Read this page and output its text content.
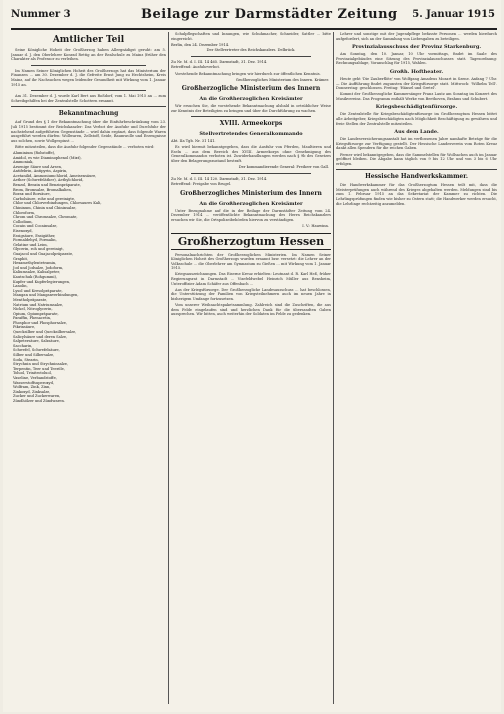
Nummer 3	Beilage zur Darmstädter Zeitung 5. Januar 1915
Amtlicher Teil
Seine Königliche Hoheit der Großherzog haben Allergnädigst geruht: am 5. Januar d. J. den Oberlehrer Konrad Rettig an der Realschule zu Mainz (früher den Charakter als Professor zu verleihen.
Im Namen Seiner Königlichen Hoheit des Großherzogs hat das Ministerium der Finanzen ... am 30. Dezember d. J. die Gefreite Ernst Jung zu Hechtsheim, Kreis Mainz, auf ihr Nachsuchen wegen leidender Gesundheit mit Wirkung vom 1. Januar 1915 an.
Am 31. Dezember d. J. wurde Karl Bert aus Roßdorf, vom 1. Mai 1915 an ... zum Schreibgehilfen bei der Zentralstelle Schottern ernannt.
Bekanntmachung
Auf Grund des § 1 der Bekanntmachung über die Einfuhrbeschränkung vom 23. Juli 1915 bestimmt der Reichskanzler: Das Verbot der Ausfuhr und Durchfuhr der nachstehend aufgeführten Gegenstände ... wird dahin ergänzt, dass folgende Waren ausgeführt werden dürfen: Wollwaren, Zellstoff, Seide, Baumwolle und Erzeugnisse aus solchen, sowie Wollgespinst ...
Bitte mitzuteilen, dass die Ausfuhr folgender Gegenstände ... verboten wird:
Aluminium (Rohstoffe),
Amidol, es wie Diaminophenol (Mixt),
Ammoniak,
Arsenige Säure und Arsen,
Antifebrin, Antipyrin, Aspirin,
Acetanilid, Ammoniumchlorid, Ameisensäure,
Aether (Schwefeläther), Aethylchlorid,
Benzol, Benzin und Benzinpräparate,
Brom, Bromsalze, Bromalkalien,
Borax und Borsäure,
Carbolsäure, rohe und gereinigte,
Chlor und Chlorverbindungen, Chlorsaures Kali,
Chininum, Chinin und Chininsalze,
Chloroform,
Chrom und Chromsalze, Chromate,
Collodium,
Cocain und Cocainsalze,
Eisenoxyd,
Essigsäure, Essigäther,
Formaldehyd, Formalin,
Gelatine und Leim,
Glycerin, roh und gereinigt,
Guajacol und Guajacolpräparate,
Graphit,
Hexamethylentetramin,
Jod und Jodsalze, Jodoform,
Kaliumsalze, Kalisalpeter,
Kautschuk (Rohgummi),
Kupfer und Kupferlegierungen,
Lanolin,
Lysol und Kresolpräparate,
Mangan und Manganverbindungen,
Mentholpräparate,
Natrium und Natriumsalze,
Nickel, Nitroglycerin,
Opium, Opiumpräparate,
Paraffin, Phenacetin,
Phosphor und Phosphorsalze,
Pikrinsäure,
Quecksilber und Quecksilbersalze,
Salicylsäure und deren Salze,
Salpetersäure, Salzsäure,
Saccharin,
Schwefel, Schwefelsäure,
Silber und Silbersalze,
Soda, Stearin,
Strychnin und Strychninsalze,
Terpentin, Teer und Teeröle,
Toluol, Trinitrotoluol,
Vaseline, Verbandstoffe,
Wasserstoffsuperoxyd,
Wolfram, Zink, Zinn,
Zinkoxyd, Zinksalze,
Zucker und Zuckerwaren,
Zündhölzer und Zündwaren.
Schulpflegschaften und Innungen, wie Schuhmacher, Schneider, Sattler ... bitte eingereicht.
Berlin, den 24. Dezember 1914.
Der Stellvertreter des Reichskanzlers. Delbrück.
Zu Nr. M. d. I. III. 14 465. Darmstadt, 31. Dez. 1914.
Betreffend: Ausfuhrverbot.
Vorstehende Bekanntmachung bringen wir hierdurch zur öffentlichen Kenntnis.
Großherzogliches Ministerium des Innern. Krämer.
Großherzogliche Ministerium des Innern
An die Großherzoglichen Kreisämter
Wir ersuchen Sie, die vorstehende Bekanntmachung alsbald in ortsüblicher Weise zur Kenntnis der Beteiligten zu bringen und über die Durchführung zu wachen.
XVIII. Armeekorps
Stellvertretendes Generalkommando
Abt. IIa Tgb. Nr. 31 141.
Es wird hiermit bekanntgegeben, dass die Ausfuhr von Pferden, Maultieren und Eseln ... aus dem Bereich des XVIII. Armeekorps ohne Genehmigung des Generalkommandos verboten ist. Zuwiderhandlungen werden nach § 9b des Gesetzes über den Belagerungszustand bestraft.
Der kommandierende General: Freiherr von Gall.
Zu Nr. M. d. I. III. 14 120. Darmstadt, 31. Dez. 1914.
Betreffend: Freigabe von Brugel.
Großherzogliches Ministerium des Innern
An die Großherzoglichen Kreisämter
Unter Bezugnahme auf die in der Beilage der Darmstädter Zeitung vom 24. Dezember 1914 ... veröffentlichte Bekanntmachung des Herrn Reichskanzlers ersuchen wir Sie, die Ortspolizeibehörden hiervon zu verständigen.
I. V.: Hauwinn.
Großherzogtum Hessen
Personalnachrichten der Großherzoglichen Ministerien. Im Namen Seiner Königlichen Hoheit des Großherzogs wurden ernannt bzw. versetzt: die Lehrer an der Volksschule ... die Oberlehrer am Gymnasium zu Gießen ... mit Wirkung vom 1. Januar 1915.
Kriegsauszeichnungen. Das Eiserne Kreuz erhielten: Leutnant d. R. Karl Heß, früher Regierungsrat in Darmstadt ... Vizefeldwebel Heinrich Müller aus Bensheim, Unteroffizier Adam Schäfer aus Offenbach ...
Aus der Kriegsfürsorge. Der Großherzogliche Landesausschuss ... hat beschlossen, die Unterstützung der Familien von Kriegsteilnehmern auch im neuen Jahre in bisherigem Umfange fortzusetzen.
Vom unserer Weihnachtspaketsammlung. Zahlreich sind die Zuschriften, die aus dem Felde eingelaufen sind und herzlichen Dank für die übersandten Gaben aussprechen. Wir bitten, auch weiterhin der Soldaten im Felde zu gedenken.
Lehrer und sonstige mit der Jugendpflege befasste Personen ... werden hierdurch aufgefordert, sich an der Sammlung von Liebesgaben zu beteiligen.
Provinzialausschuss der Provinz Starkenburg.
Am Sonntag, den 10. Januar, 10 Uhr vormittags, findet im Saale des Provinzialgebäudes eine Sitzung des Provinzialausschusses statt. Tagesordnung: Rechnungsablage, Voranschlag für 1915, Wahlen.
Großh. Hoftheater.
Heute geht 'Die Zauberflöte' von Wolfgang Amadeus Mozart in Szene. Anfang 7 Uhr. — Die Aufführung findet zugunsten der Kriegsfürsorge statt. Mittwoch: 'Wilhelm Tell'. Donnerstag: geschlossen. Freitag: 'Hänsel und Gretel'.
Kommt der Großherzogliche Kammersänger Franz Lautz am Sonntag im Konzert des Musikvereins. Das Programm enthält Werke von Beethoven, Brahms und Schubert.
Kriegsbeschädigtenfürsorge.
Die Zentralstelle für Kriegsbeschädigtenfürsorge im Großherzogtum Hessen bittet alle Arbeitgeber, Kriegsbeschädigten nach Möglichkeit Beschäftigung zu gewähren und freie Stellen der Zentralstelle mitzuteilen.
Aus dem Lande.
Die Landesversicherungsanstalt hat im verflossenen Jahre namhafte Beträge für die Kriegsfürsorge zur Verfügung gestellt. Der Hessische Landesverein vom Roten Kreuz dankt allen Spendern für die reichen Gaben.
Ferner wird bekanntgegeben, dass die Sammelstellen für Wollsachen auch im Januar geöffnet bleiben. Die Abgabe kann täglich von 9 bis 12 Uhr und von 3 bis 6 Uhr erfolgen.
Hessische Handwerkskammer.
Die Handwerkskammer für das Großherzogtum Hessen teilt mit, dass die Meisterprüfungen auch während des Krieges abgehalten werden. Meldungen sind bis zum 1. Februar 1915 an das Sekretariat der Kammer zu richten. Die Lehrlingsprüfungen finden wie bisher zu Ostern statt; die Handwerker werden ersucht, die Lehrlinge rechtzeitig anzumelden.
